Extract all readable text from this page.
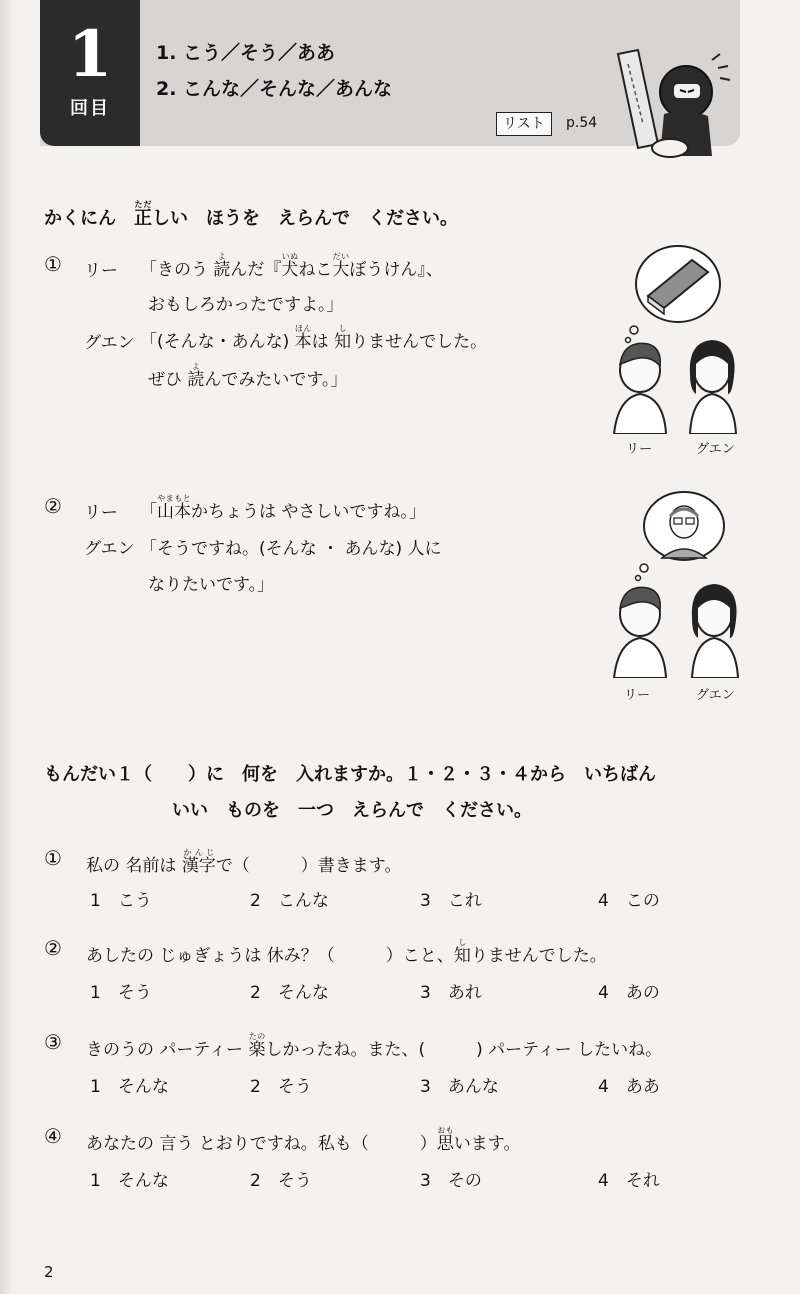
1
回目
1. こう／そう／ああ
2. こんな／そんな／あんな
リスト	p.54
かくにん　 正ただしい　ほうを　えらんで　ください。
① リー 「きのう 読よんだ『犬いぬねこ大だいぼうけん』、
おもしろかったですよ。」
グエン 「(そんな・あんな) 本ほんは 知しりませんでした。
ぜひ 読よんでみたいです。」
リー	グエン
② リー 「山本やまもとかちょうは やさしいですね。」
グエン 「そうですね。(そんな ・ あんな) 人に
なりたいです。」
リー	グエン
もんだい１（　　）に　何を　入れますか。１・２・３・４から　いちばん
いい　ものを　一つ　えらんで　ください。
① 私の 名前は 漢字かんじで（　　　）書きます。
1　こう	2　こんな	3　これ	4　この
② あしたの じゅぎょうは 休み？（　　　）こと、知しりませんでした。
1　そう	2　そんな	3　あれ	4　あの
③ きのうの パーティー 楽たのしかったね。また、(　　　) パーティー したいね。
1　そんな	2　そう	3　あんな	4　ああ
④ あなたの 言う とおりですね。私も（　　　）思おもいます。
1　そんな	2　そう	3　その	4　それ
2
